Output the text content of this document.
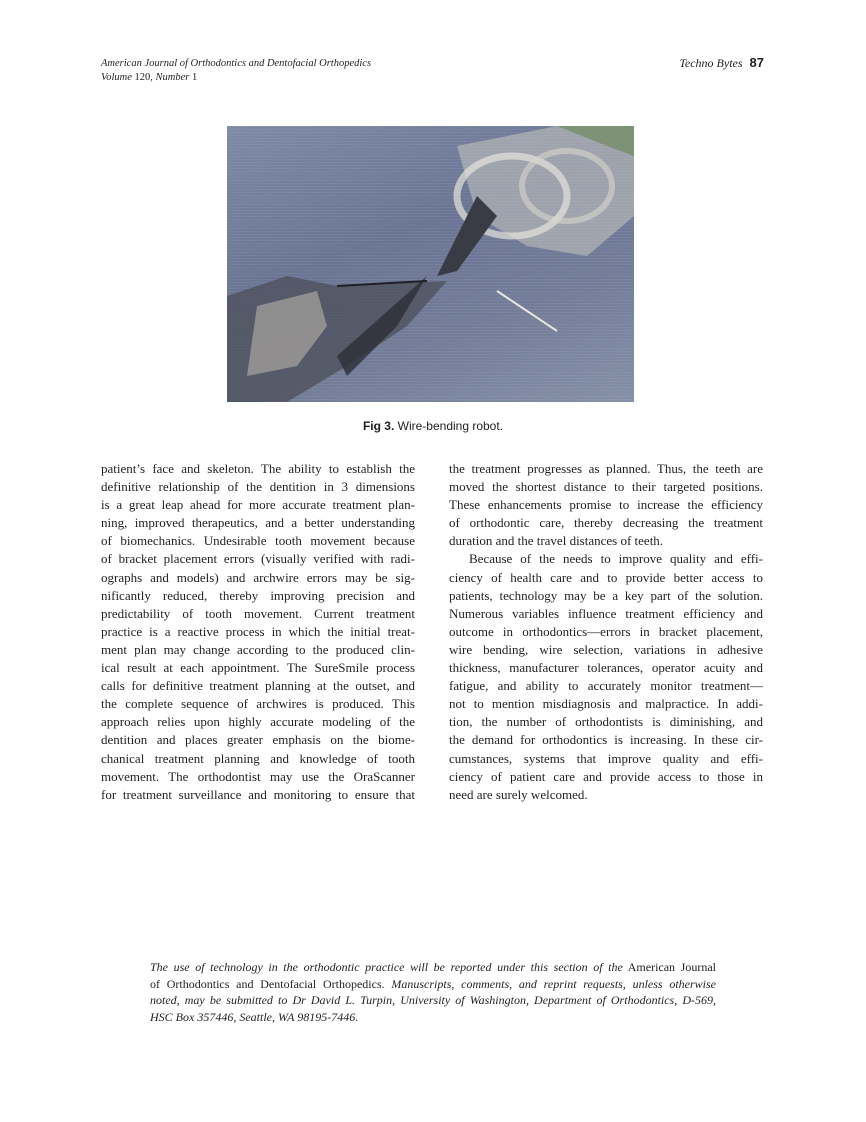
American Journal of Orthodontics and Dentofacial Orthopedics
Volume 120, Number 1
Techno Bytes 87
Fig 3. Wire-bending robot.
patient’s face and skeleton. The ability to establish the
definitive relationship of the dentition in 3 dimensions
is a great leap ahead for more accurate treatment plan-
ning, improved therapeutics, and a better understanding
of biomechanics. Undesirable tooth movement because
of bracket placement errors (visually verified with radi-
ographs and models) and archwire errors may be sig-
nificantly reduced, thereby improving precision and
predictability of tooth movement. Current treatment
practice is a reactive process in which the initial treat-
ment plan may change according to the produced clin-
ical result at each appointment. The SureSmile process
calls for definitive treatment planning at the outset, and
the complete sequence of archwires is produced. This
approach relies upon highly accurate modeling of the
dentition and places greater emphasis on the biome-
chanical treatment planning and knowledge of tooth
movement. The orthodontist may use the OraScanner
for treatment surveillance and monitoring to ensure that
the treatment progresses as planned. Thus, the teeth are
moved the shortest distance to their targeted positions.
These enhancements promise to increase the efficiency
of orthodontic care, thereby decreasing the treatment
duration and the travel distances of teeth.
Because of the needs to improve quality and effi-
ciency of health care and to provide better access to
patients, technology may be a key part of the solution.
Numerous variables influence treatment efficiency and
outcome in orthodontics—errors in bracket placement,
wire bending, wire selection, variations in adhesive
thickness, manufacturer tolerances, operator acuity and
fatigue, and ability to accurately monitor treatment—
not to mention misdiagnosis and malpractice. In addi-
tion, the number of orthodontists is diminishing, and
the demand for orthodontics is increasing. In these cir-
cumstances, systems that improve quality and effi-
ciency of patient care and provide access to those in
need are surely welcomed.
The use of technology in the orthodontic practice will be reported under this section of the American Journal
of Orthodontics and Dentofacial Orthopedics. Manuscripts, comments, and reprint requests, unless otherwise
noted, may be submitted to Dr David L. Turpin, University of Washington, Department of Orthodontics, D-569,
HSC Box 357446, Seattle, WA 98195-7446.
